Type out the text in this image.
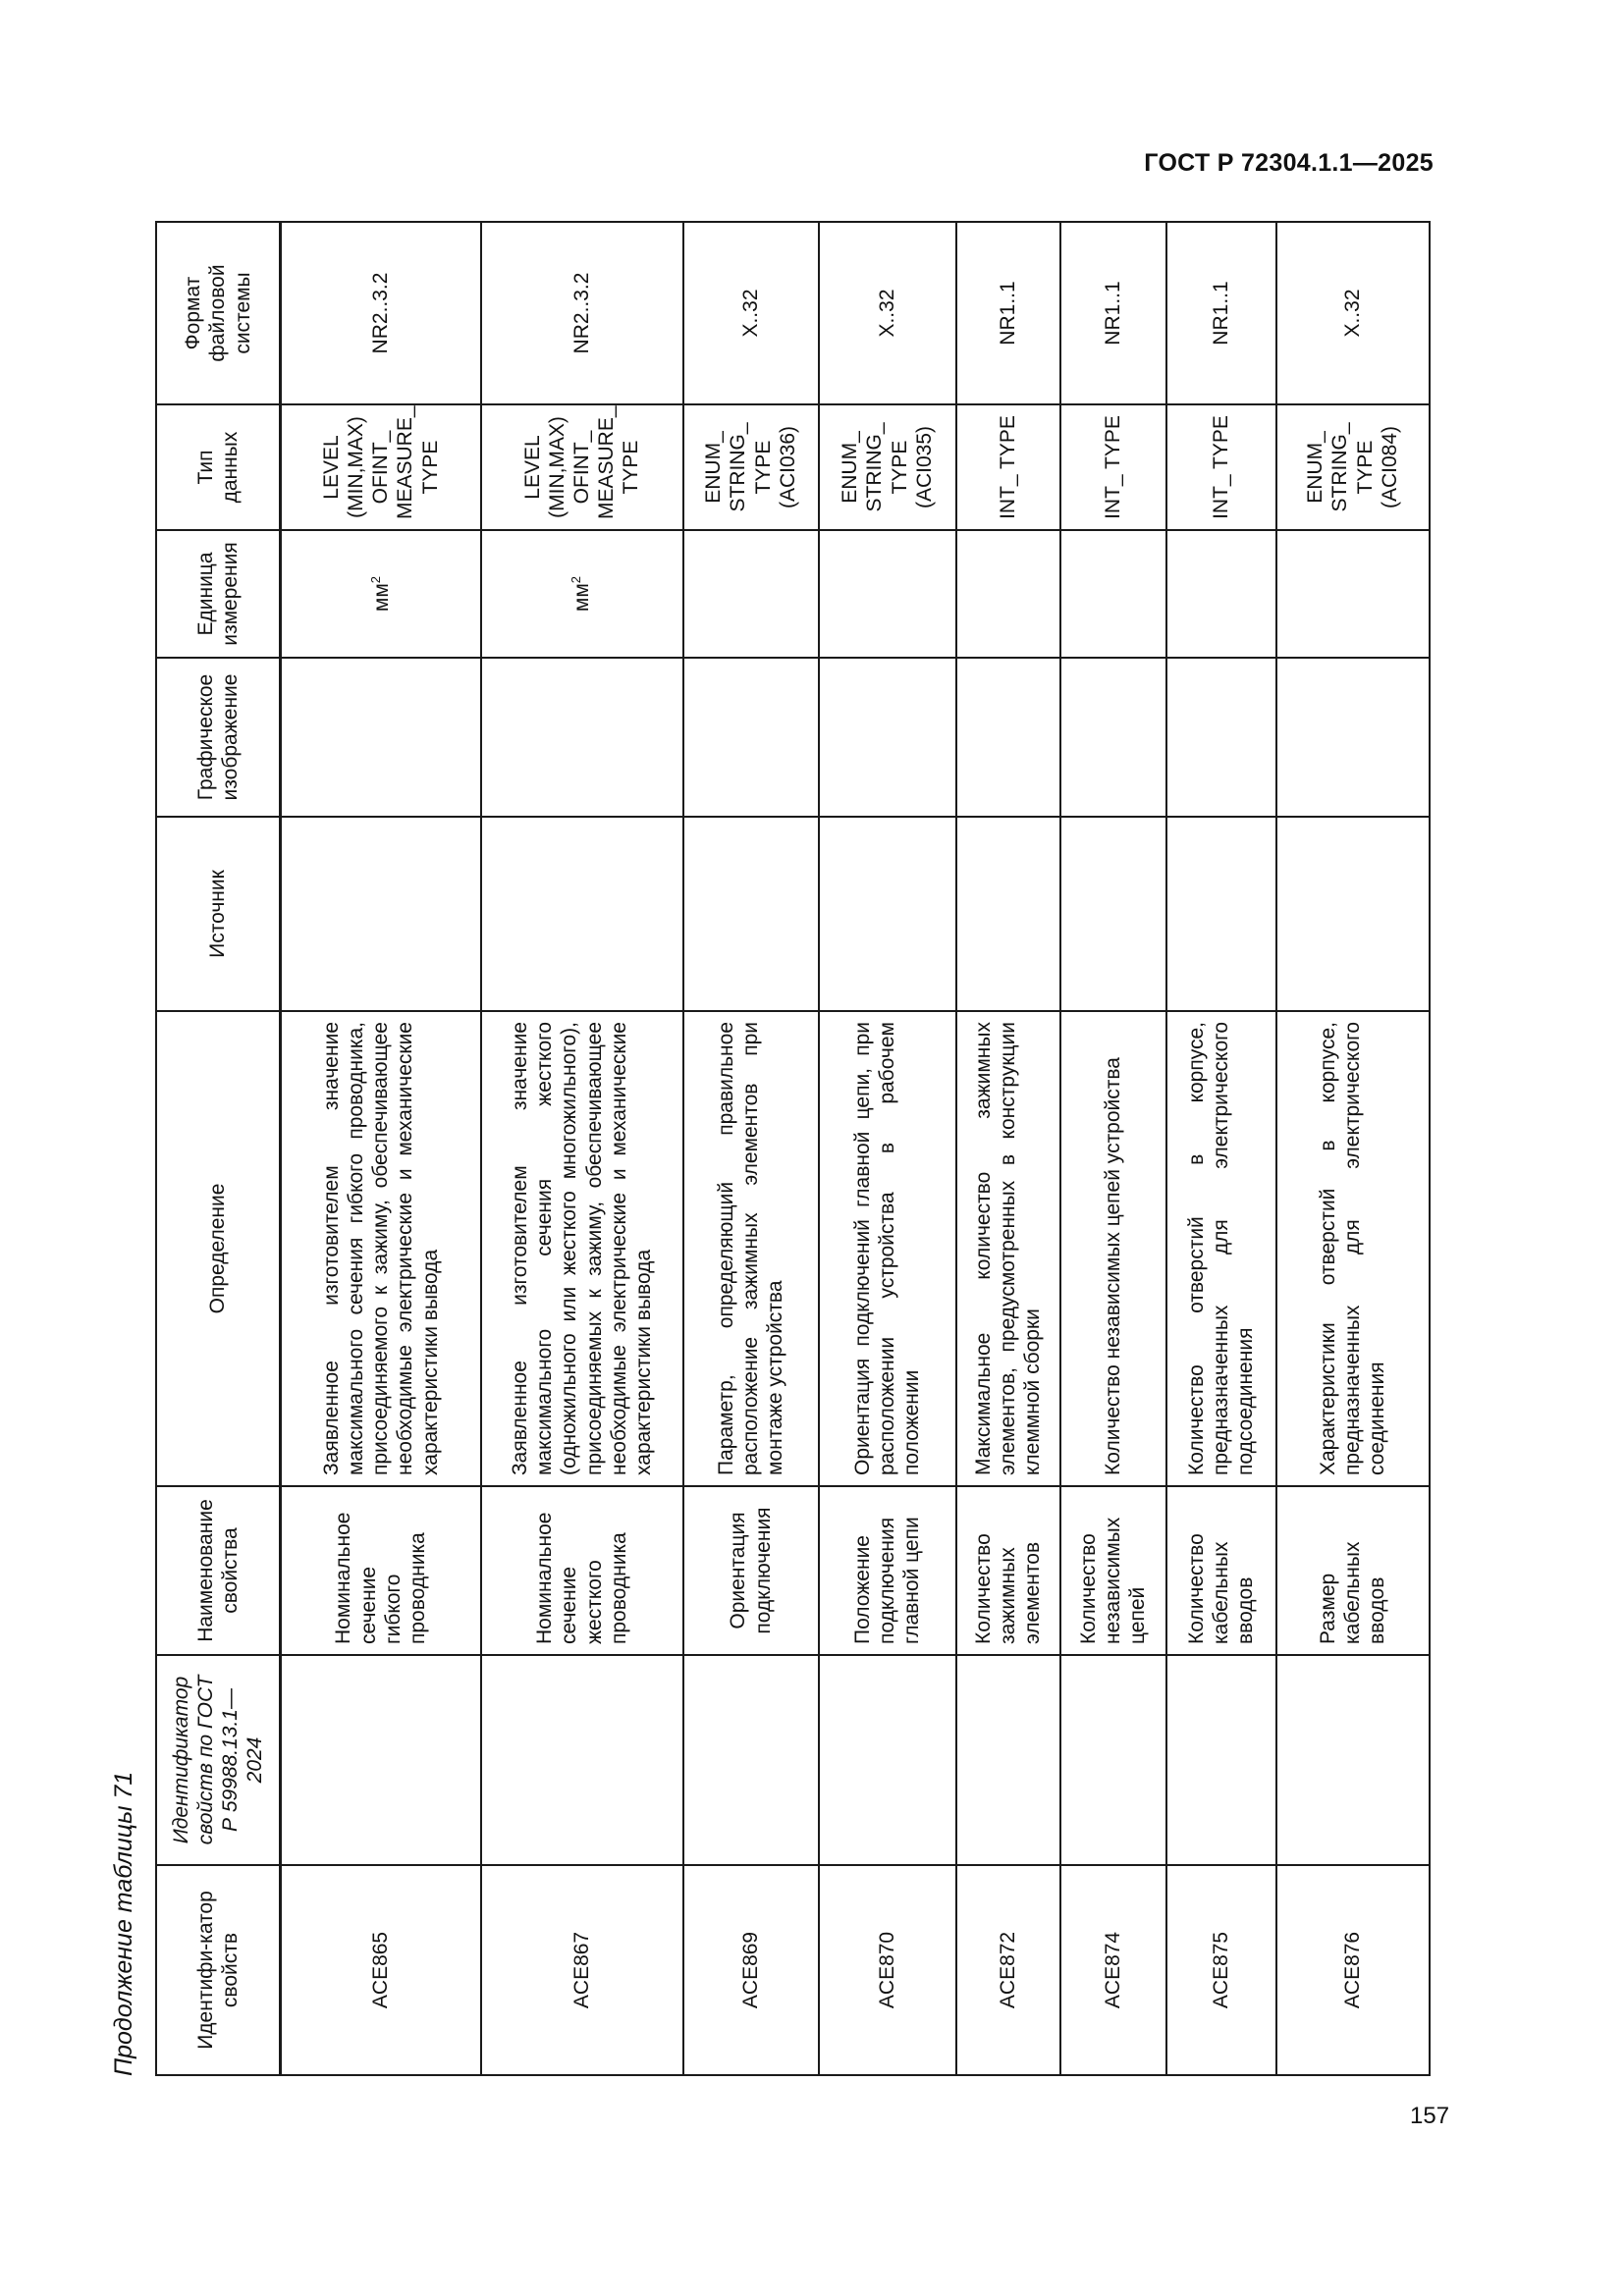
ГОСТ Р 72304.1.1—2025
Продолжение таблицы 71	Идентифи-катор свойств	Идентификатор свойств по ГОСТ Р 59988.13.1—2024	Наименование свойства	Определение	Источник	Графическое изображение	Единица измерения	Тип данных	Формат файловой системы
ACE865		Номинальное сечение гибкого проводника	Заявленное изготовителем значение максимального сечения гибкого проводника, присоединяемого к зажиму, обеспечивающее необходимые электрические и механические характеристики вывода			$мм^2$	LEVEL (MIN,MAX) OFINT_ MEASURE_ TYPE	NR2..3.2
ACE867		Номинальное сечение жесткого проводника	Заявленное изготовителем значение максимального сечения жесткого (одножильного или жесткого многожильного), присоединяемых к зажиму, обеспечивающее необходимые электрические и механические характеристики вывода			$мм^2$	LEVEL (MIN,MAX) OFINT_ MEASURE_ TYPE	NR2..3.2
ACE869		Ориентация подключения	Параметр, определяющий правильное расположение зажимных элементов при монтаже устройства				ENUM_ STRING_ TYPE (ACI036)	X..32
ACE870		Положение подключения главной цепи	Ориентация подключений главной цепи, при расположении устройства в рабочем положении				ENUM_ STRING_ TYPE (ACI035)	X..32
ACE872		Количество зажимных элементов	Максимальное количество зажимных элементов, предусмотренных в конструкции клеммной сборки				INT_ TYPE	NR1..1
ACE874		Количество независимых цепей	Количество независимых цепей устройства				INT_ TYPE	NR1..1
ACE875		Количество кабельных вводов	Количество отверстий в корпусе, предназначенных для электрического подсоединения				INT_ TYPE	NR1..1
ACE876		Размер кабельных вводов	Характеристики отверстий в корпусе, предназначенных для электрического соединения				ENUM_ STRING_ TYPE (ACI084)	X..32
157
